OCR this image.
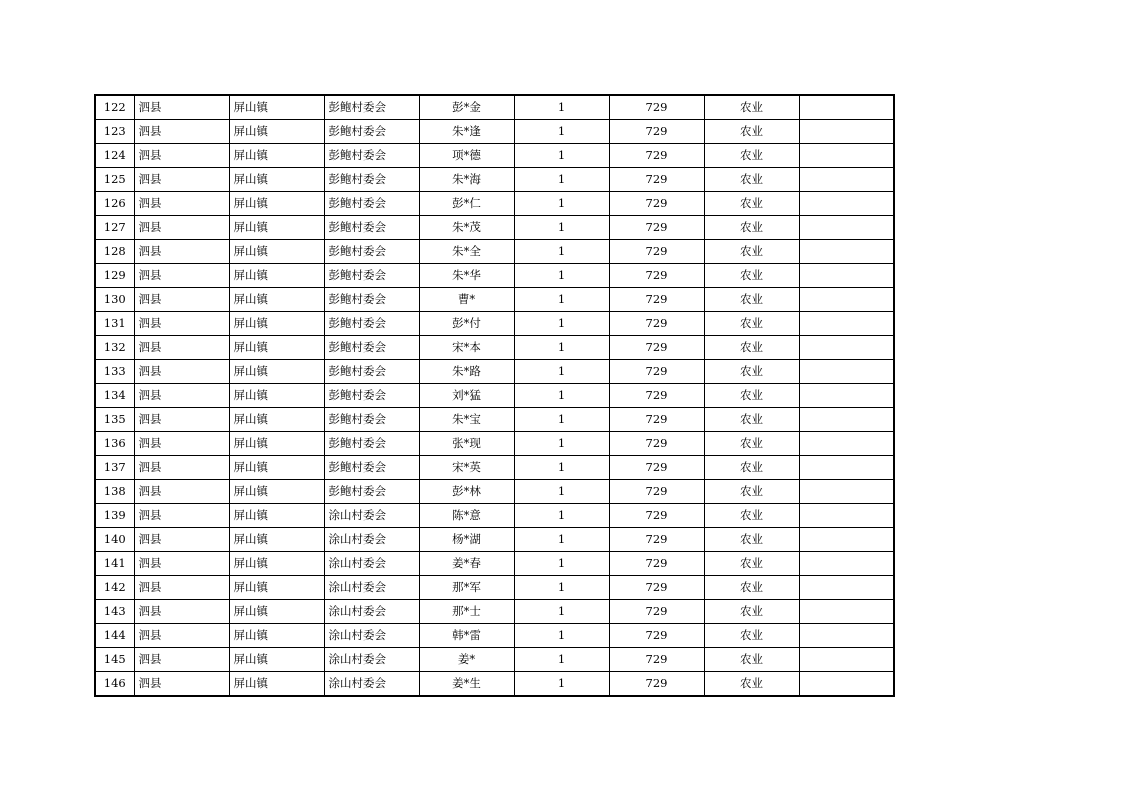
122	泗县	屏山镇	彭鲍村委会	彭*金	1	729	农业	
123	泗县	屏山镇	彭鲍村委会	朱*逢	1	729	农业	
124	泗县	屏山镇	彭鲍村委会	项*德	1	729	农业	
125	泗县	屏山镇	彭鲍村委会	朱*海	1	729	农业	
126	泗县	屏山镇	彭鲍村委会	彭*仁	1	729	农业	
127	泗县	屏山镇	彭鲍村委会	朱*茂	1	729	农业	
128	泗县	屏山镇	彭鲍村委会	朱*全	1	729	农业	
129	泗县	屏山镇	彭鲍村委会	朱*华	1	729	农业	
130	泗县	屏山镇	彭鲍村委会	曹*	1	729	农业	
131	泗县	屏山镇	彭鲍村委会	彭*付	1	729	农业	
132	泗县	屏山镇	彭鲍村委会	宋*本	1	729	农业	
133	泗县	屏山镇	彭鲍村委会	朱*路	1	729	农业	
134	泗县	屏山镇	彭鲍村委会	刘*猛	1	729	农业	
135	泗县	屏山镇	彭鲍村委会	朱*宝	1	729	农业	
136	泗县	屏山镇	彭鲍村委会	张*现	1	729	农业	
137	泗县	屏山镇	彭鲍村委会	宋*英	1	729	农业	
138	泗县	屏山镇	彭鲍村委会	彭*林	1	729	农业	
139	泗县	屏山镇	涂山村委会	陈*意	1	729	农业	
140	泗县	屏山镇	涂山村委会	杨*湖	1	729	农业	
141	泗县	屏山镇	涂山村委会	姜*春	1	729	农业	
142	泗县	屏山镇	涂山村委会	那*军	1	729	农业	
143	泗县	屏山镇	涂山村委会	那*士	1	729	农业	
144	泗县	屏山镇	涂山村委会	韩*雷	1	729	农业	
145	泗县	屏山镇	涂山村委会	姜*	1	729	农业	
146	泗县	屏山镇	涂山村委会	姜*生	1	729	农业	
